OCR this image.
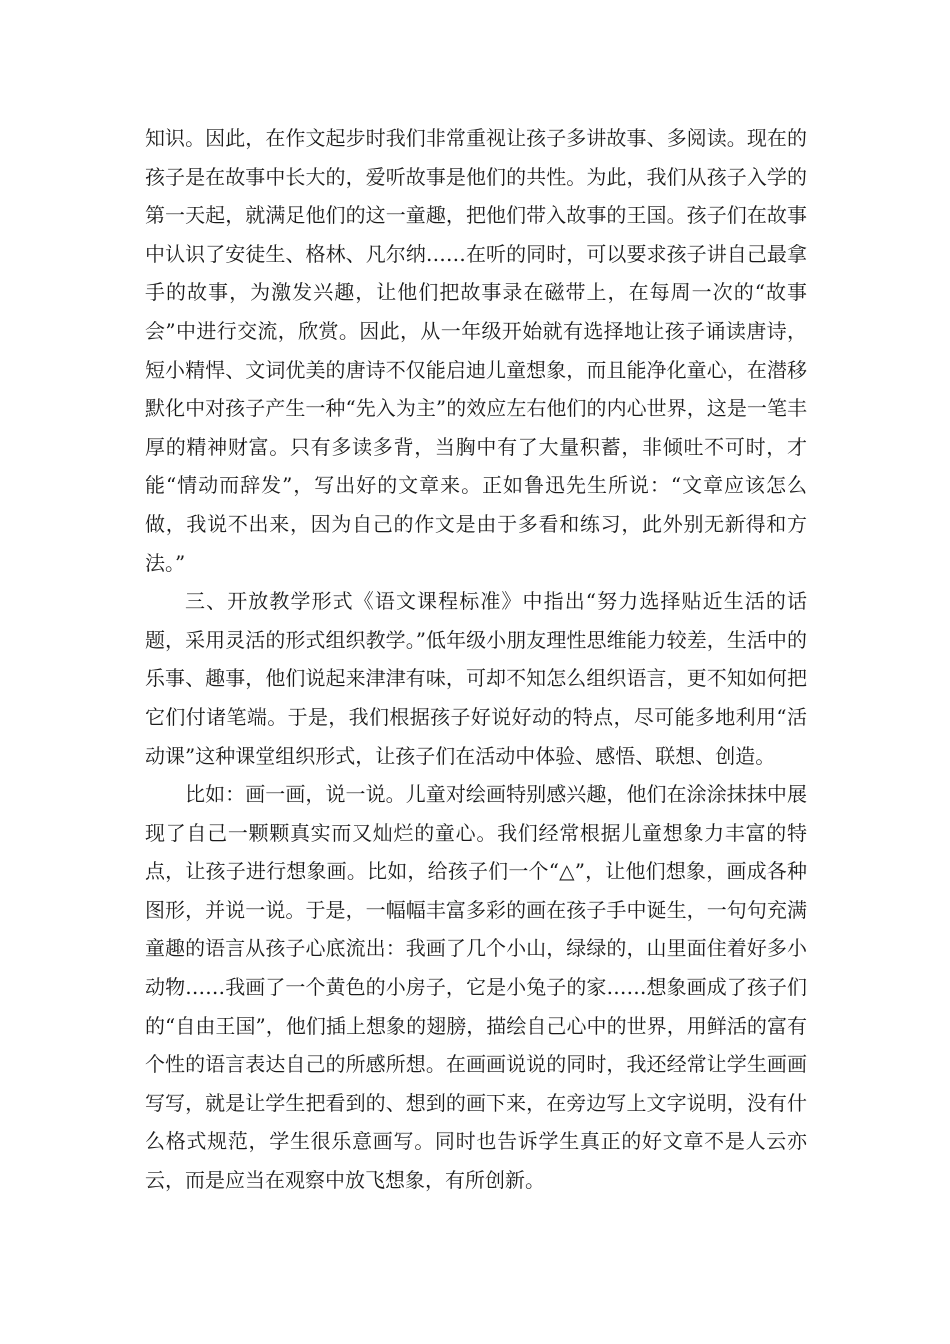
知识。因此，在作文起步时我们非常重视让孩子多讲故事、多阅读。现在的孩子是在故事中长大的，爱听故事是他们的共性。为此，我们从孩子入学的第一天起，就满足他们的这一童趣，把他们带入故事的王国。孩子们在故事中认识了安徒生、格林、凡尔纳……在听的同时，可以要求孩子讲自己最拿手的故事，为激发兴趣，让他们把故事录在磁带上，在每周一次的“故事会”中进行交流，欣赏。因此，从一年级开始就有选择地让孩子诵读唐诗，短小精悍、文词优美的唐诗不仅能启迪儿童想象，而且能净化童心，在潜移默化中对孩子产生一种“先入为主”的效应左右他们的内心世界，这是一笔丰厚的精神财富。只有多读多背，当胸中有了大量积蓄，非倾吐不可时，才能“情动而辞发”，写出好的文章来。正如鲁迅先生所说：“文章应该怎么做，我说不出来，因为自己的作文是由于多看和练习，此外别无新得和方法。”

三、开放教学形式《语文课程标准》中指出“努力选择贴近生活的话题，采用灵活的形式组织教学。”低年级小朋友理性思维能力较差，生活中的乐事、趣事，他们说起来津津有味，可却不知怎么组织语言，更不知如何把它们付诸笔端。于是，我们根据孩子好说好动的特点，尽可能多地利用“活动课”这种课堂组织形式，让孩子们在活动中体验、感悟、联想、创造。

比如：画一画，说一说。儿童对绘画特别感兴趣，他们在涂涂抹抹中展现了自己一颗颗真实而又灿烂的童心。我们经常根据儿童想象力丰富的特点，让孩子进行想象画。比如，给孩子们一个“△”，让他们想象，画成各种图形，并说一说。于是，一幅幅丰富多彩的画在孩子手中诞生，一句句充满童趣的语言从孩子心底流出：我画了几个小山，绿绿的，山里面住着好多小动物……我画了一个黄色的小房子，它是小兔子的家……想象画成了孩子们的“自由王国”，他们插上想象的翅膀，描绘自己心中的世界，用鲜活的富有个性的语言表达自己的所感所想。在画画说说的同时，我还经常让学生画画写写，就是让学生把看到的、想到的画下来，在旁边写上文字说明，没有什么格式规范，学生很乐意画写。同时也告诉学生真正的好文章不是人云亦云，而是应当在观察中放飞想象，有所创新。
